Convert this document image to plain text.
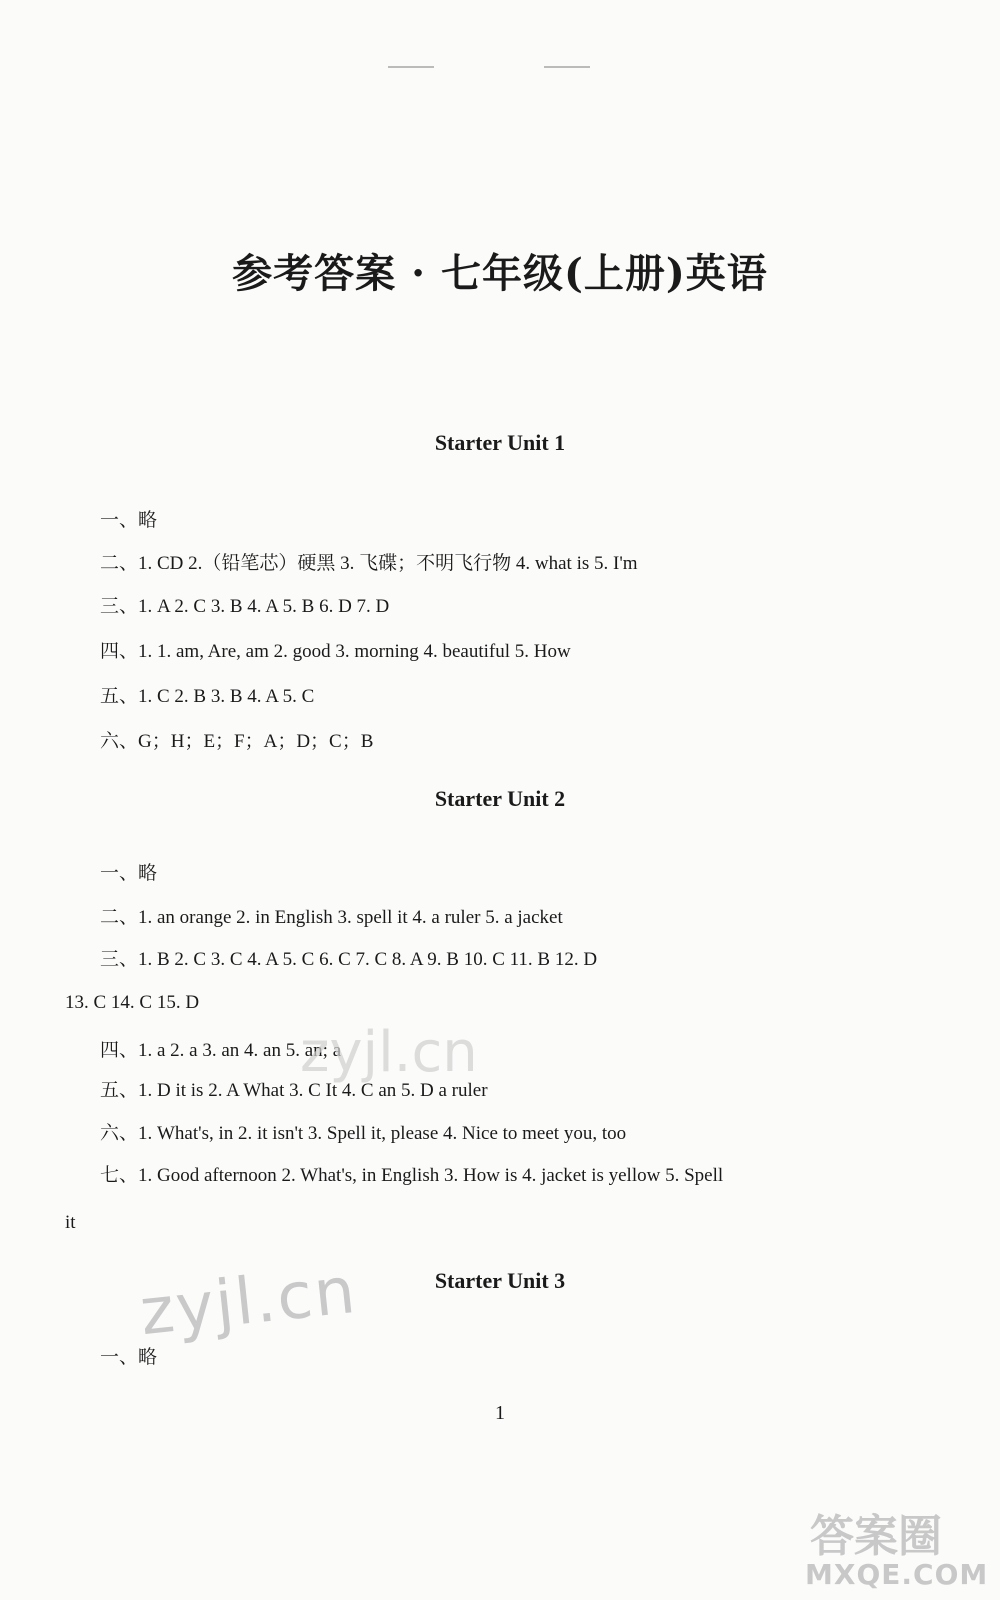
参考答案 · 七年级(上册)英语
Starter Unit 1
一、略
二、1. CD 2.（铅笔芯）硬黑 3. 飞碟；不明飞行物 4. what is 5. I'm
三、1. A 2. C 3. B 4. A 5. B 6. D 7. D
四、1. 1. am, Are, am 2. good 3. morning 4. beautiful 5. How
五、1. C 2. B 3. B 4. A 5. C
六、G；H；E；F；A；D；C；B
Starter Unit 2
一、略
二、1. an orange 2. in English 3. spell it 4. a ruler 5. a jacket
三、1. B 2. C 3. C 4. A 5. C 6. C 7. C 8. A 9. B 10. C 11. B 12. D
13. C 14. C 15. D
四、1. a 2. a 3. an 4. an 5. an; a
五、1. D it is 2. A What 3. C It 4. C an 5. D a ruler
六、1. What's, in 2. it isn't 3. Spell it, please 4. Nice to meet you, too
七、1. Good afternoon 2. What's, in English 3. How is 4. jacket is yellow 5. Spell
it
Starter Unit 3
一、略
1
zyjl.cn
zyjl.cn
答案圈
MXQE.COM
